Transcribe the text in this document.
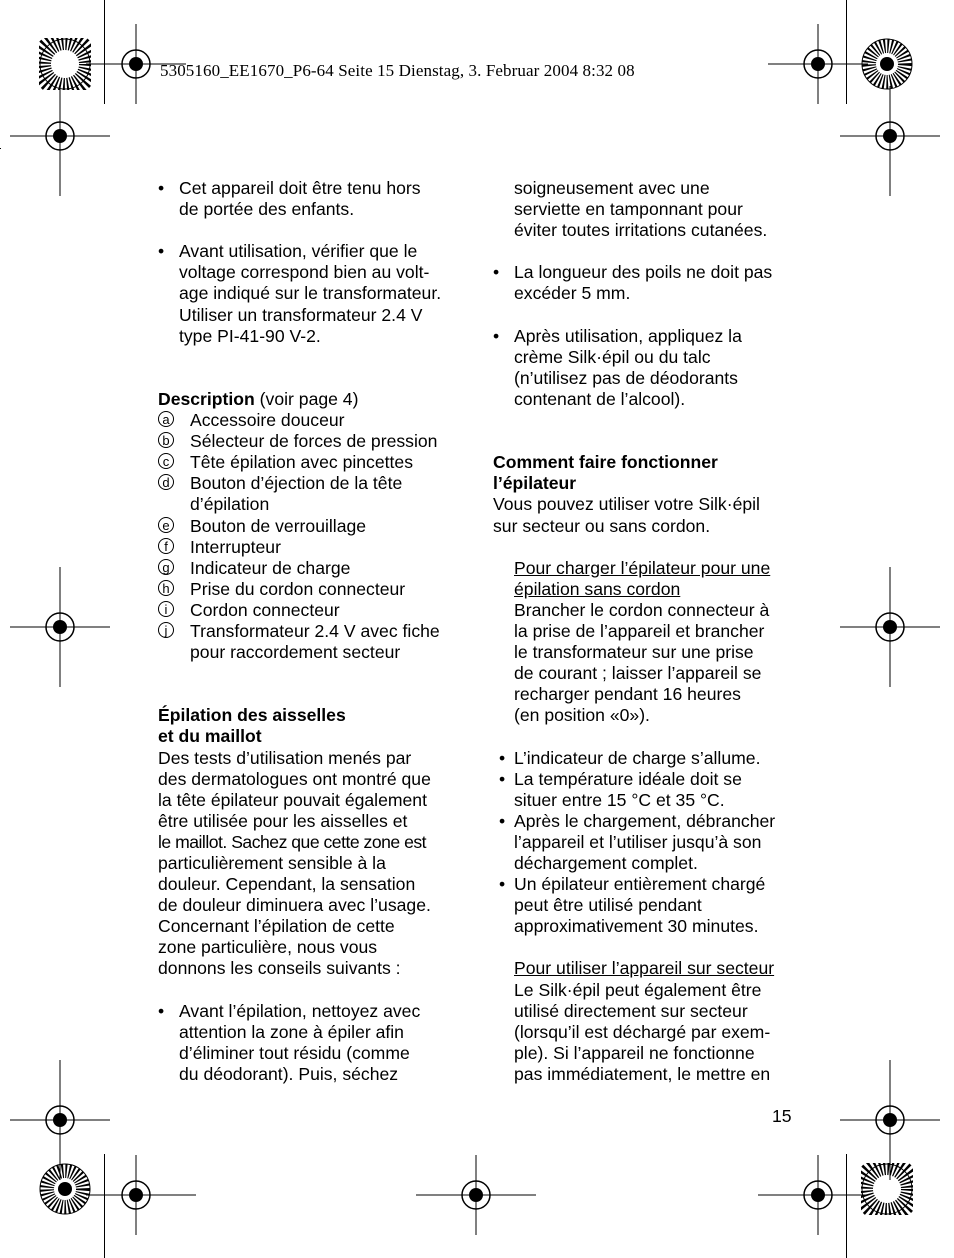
5305160_EE1670_P6-64 Seite 15 Dienstag, 3. Februar 2004 8:32 08
• Cet appareil doit être tenu hors

de portée des enfants.

• Avant utilisation, vérifier que le

voltage correspond bien au volt-

age indiqué sur le transformateur.

Utiliser un transformateur 2.4 V

type PI-41-90 V-2.

Description (voir page 4)

a Accessoire douceur

b Sélecteur de forces de pression

c Tête épilation avec pincettes

d Bouton d’éjection de la tête

d’épilation

e Bouton de verrouillage

f	Interrupteur

g Indicateur de charge

h Prise du cordon connecteur

i	Cordon connecteur

j	Transformateur 2.4 V avec fiche

pour raccordement secteur

Épilation des aisselles

et du maillot

Des tests d’utilisation menés par

des dermatologues ont montré que

la tête épilateur pouvait également

être utilisée pour les aisselles et

le maillot. Sachez que cette zone est

particulièrement sensible à la

douleur. Cependant, la sensation

de douleur diminuera avec l’usage.

Concernant l’épilation de cette

zone particulière, nous vous

donnons les conseils suivants :

• Avant l’épilation, nettoyez avec

attention la zone à épiler afin

d’éliminer tout résidu (comme

du déodorant). Puis, séchez

soigneusement avec une

serviette en tamponnant pour

éviter toutes irritations cutanées.

• La longueur des poils ne doit pas

excéder 5 mm.

• Après utilisation, appliquez la

crème Silk·épil ou du talc

(n’utilisez pas de déodorants

contenant de l’alcool).

Comment faire fonctionner

l’épilateur

Vous pouvez utiliser votre Silk·épil

sur secteur ou sans cordon.

Pour charger l’épilateur pour une

épilation sans cordon

Brancher le cordon connecteur à

la prise de l’appareil et brancher

le transformateur sur une prise

de courant ; laisser l’appareil se

recharger pendant 16 heures

(en position «0»).

• L’indicateur de charge s’allume.

• La température idéale doit se

situer entre 15 °C et 35 °C.

• Après le chargement, débrancher

l’appareil et l’utiliser jusqu’à son

déchargement complet.

• Un épilateur entièrement chargé

peut être utilisé pendant

approximativement 30 minutes.

Pour utiliser l’appareil sur secteur

Le Silk·épil peut également être

utilisé directement sur secteur

(lorsqu’il est déchargé par exem-

ple). Si l’appareil ne fonctionne

pas immédiatement, le mettre en

15
